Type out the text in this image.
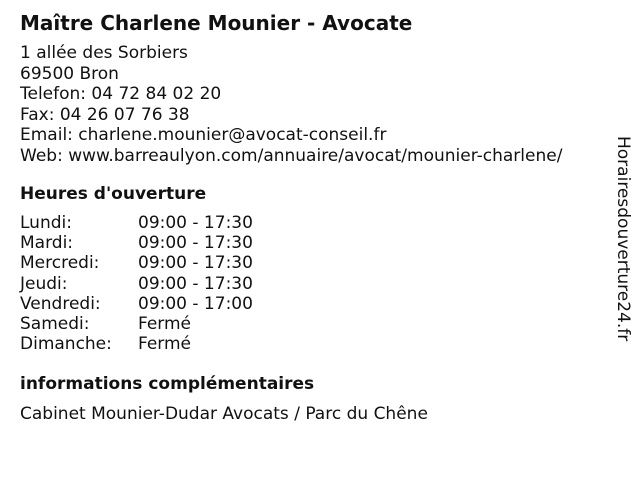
Maître Charlene Mounier - Avocate
1 allée des Sorbiers
69500 Bron
Telefon: 04 72 84 02 20
Fax: 04 26 07 76 38
Email: charlene.mounier@avocat-conseil.fr
Web: www.barreaulyon.com/annuaire/avocat/mounier-charlene/
Heures d'ouverture
Lundi:	09:00 - 17:30
Mardi:	09:00 - 17:30
Mercredi: 09:00 - 17:30
Jeudi:	09:00 - 17:30
Vendredi: 09:00 - 17:00
Samedi:	Fermé
Dimanche: Fermé
informations complémentaires
Cabinet Mounier-Dudar Avocats / Parc du Chêne
Horairesdouverture24.fr
